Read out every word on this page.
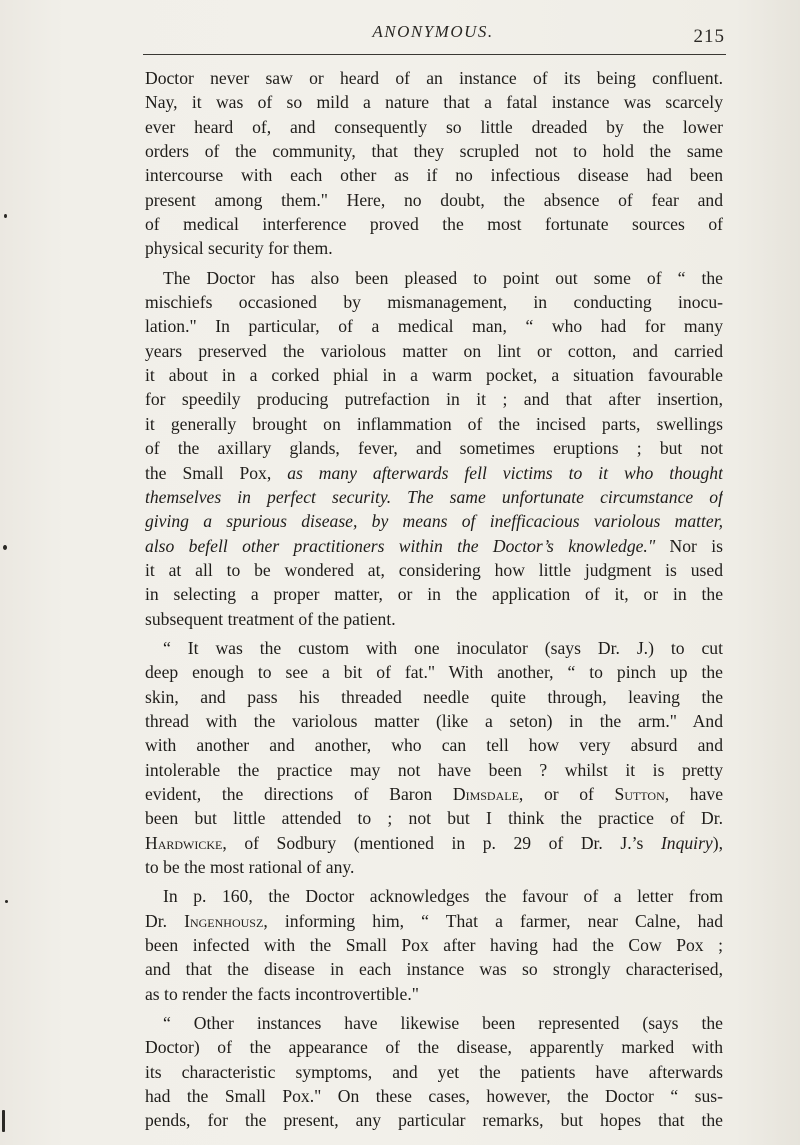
ANONYMOUS.	215
Doctor never saw or heard of an instance of its being confluent.
Nay, it was of so mild a nature that a fatal instance was scarcely
ever heard of, and consequently so little dreaded by the lower
orders of the community, that they scrupled not to hold the same
intercourse with each other as if no infectious disease had been
present among them." Here, no doubt, the absence of fear and
of medical interference proved the most fortunate sources of
physical security for them.
The Doctor has also been pleased to point out some of “ the
mischiefs occasioned by mismanagement, in conducting inocu-
lation." In particular, of a medical man, “ who had for many
years preserved the variolous matter on lint or cotton, and carried
it about in a corked phial in a warm pocket, a situation favourable
for speedily producing putrefaction in it ; and that after insertion,
it generally brought on inflammation of the incised parts, swellings
of the axillary glands, fever, and sometimes eruptions ; but not
the Small Pox, as many afterwards fell victims to it who thought
themselves in perfect security. The same unfortunate circumstance of
giving a spurious disease, by means of inefficacious variolous matter,
also befell other practitioners within the Doctor’s knowledge." Nor is
it at all to be wondered at, considering how little judgment is used
in selecting a proper matter, or in the application of it, or in the
subsequent treatment of the patient.
“ It was the custom with one inoculator (says Dr. J.) to cut
deep enough to see a bit of fat." With another, “ to pinch up the
skin, and pass his threaded needle quite through, leaving the
thread with the variolous matter (like a seton) in the arm." And
with another and another, who can tell how very absurd and
intolerable the practice may not have been ? whilst it is pretty
evident, the directions of Baron Dimsdale, or of Sutton, have
been but little attended to ; not but I think the practice of Dr.
Hardwicke, of Sodbury (mentioned in p. 29 of Dr. J.’s Inquiry),
to be the most rational of any.
In p. 160, the Doctor acknowledges the favour of a letter from
Dr. Ingenhousz, informing him, “ That a farmer, near Calne, had
been infected with the Small Pox after having had the Cow Pox ;
and that the disease in each instance was so strongly characterised,
as to render the facts incontrovertible."
“ Other instances have likewise been represented (says the
Doctor) of the appearance of the disease, apparently marked with
its characteristic symptoms, and yet the patients have afterwards
had the Small Pox." On these cases, however, the Doctor “ sus-
pends, for the present, any particular remarks, but hopes that the
